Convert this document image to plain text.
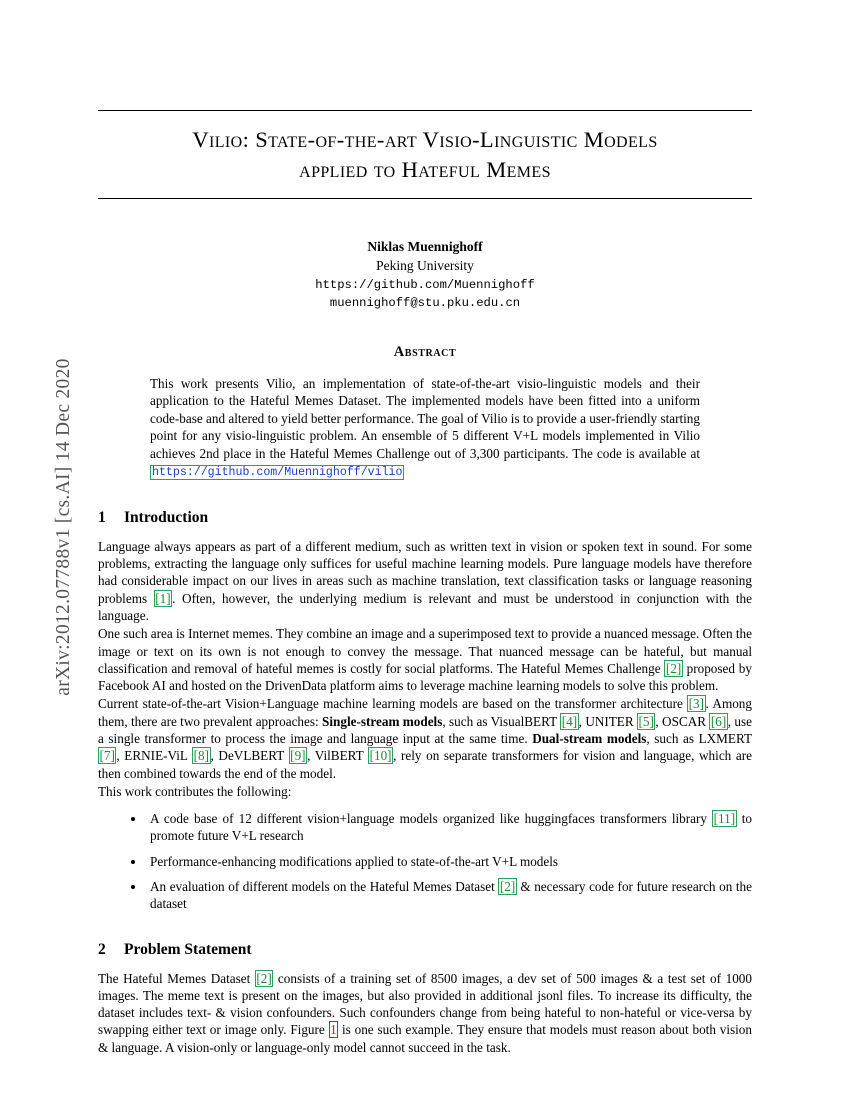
arXiv:2012.07788v1 [cs.AI] 14 Dec 2020
Vilio: State-of-the-art Visio-Linguistic Models
applied to Hateful Memes
Niklas Muennighoff
Peking University
https://github.com/Muennighoff
muennighoff@stu.pku.edu.cn
Abstract
This work presents Vilio, an implementation of state-of-the-art visio-linguistic models and their application to the Hateful Memes Dataset. The implemented models have been fitted into a uniform code-base and altered to yield better performance. The goal of Vilio is to provide a user-friendly starting point for any visio-linguistic problem. An ensemble of 5 different V+L models implemented in Vilio achieves 2nd place in the Hateful Memes Challenge out of 3,300 participants. The code is available at https://github.com/Muennighoff/vilio
1 Introduction

Language always appears as part of a different medium, such as written text in vision or spoken text in sound. For some problems, extracting the language only suffices for useful machine learning models. Pure language models have therefore had considerable impact on our lives in areas such as machine translation, text classification tasks or language reasoning problems [1] . Often, however, the underlying medium is relevant and must be understood in conjunction with the language.

One such area is Internet memes. They combine an image and a superimposed text to provide a nuanced message. Often the image or text on its own is not enough to convey the message. That nuanced message can be hateful, but manual classification and removal of hateful memes is costly for social platforms. The Hateful Memes Challenge [2] proposed by Facebook AI and hosted on the DrivenData platform aims to leverage machine learning models to solve this problem.

Current state-of-the-art Vision+Language machine learning models are based on the transformer architecture [3] . Among them, there are two prevalent approaches: Single-stream models, such as VisualBERT [4] , UNITER [5] , OSCAR [6] , use a single transformer to process the image and language input at the same time. Dual-stream models, such as LXMERT [7] , ERNIE-ViL [8] , DeVLBERT [9] , VilBERT [10] , rely on separate transformers for vision and language, which are then combined towards the end of the model.

This work contributes the following:

• A code base of 12 different vision+language models organized like huggingfaces transformers library [11] to promote future V+L research
• Performance-enhancing modifications applied to state-of-the-art V+L models
• An evaluation of different models on the Hateful Memes Dataset [2] & necessary code for future research on the dataset
2 Problem Statement

The Hateful Memes Dataset [2] consists of a training set of 8500 images, a dev set of 500 images & a test set of 1000 images. The meme text is present on the images, but also provided in additional jsonl files. To increase its difficulty, the dataset includes text- & vision confounders. Such confounders change from being hateful to non-hateful or vice-versa by swapping either text or image only. Figure 1 is one such example. They ensure that models must reason about both vision & language. A vision-only or language-only model cannot succeed in the task.
